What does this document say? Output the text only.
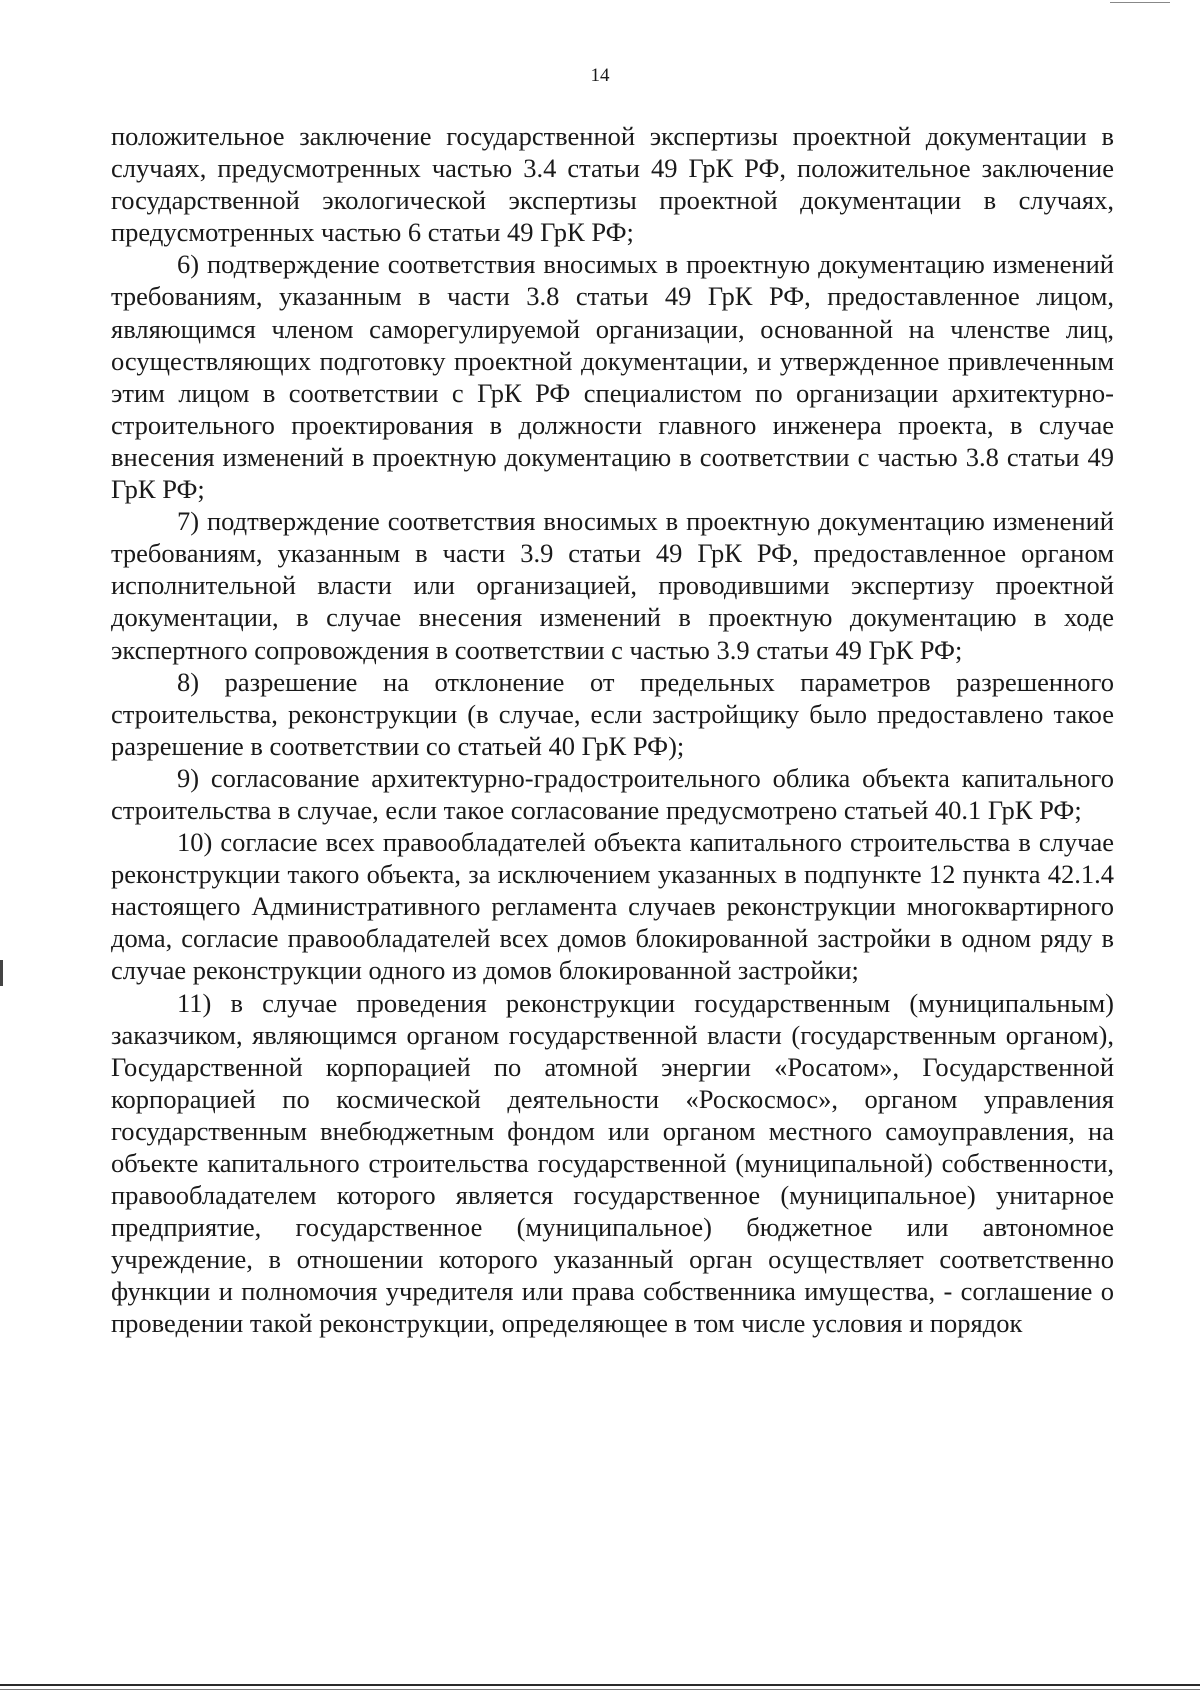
14

положительное заключение государственной экспертизы проектной документации в случаях, предусмотренных частью 3.4 статьи 49 ГрК РФ, положительное заключение государственной экологической экспертизы проектной документации в случаях, предусмотренных частью 6 статьи 49 ГрК РФ;

6) подтверждение соответствия вносимых в проектную документацию изменений требованиям, указанным в части 3.8 статьи 49 ГрК РФ, предоставленное лицом, являющимся членом саморегулируемой организации, основанной на членстве лиц, осуществляющих подготовку проектной документации, и утвержденное привлеченным этим лицом в соответствии с ГрК РФ специалистом по организации архитектурно-строительного проектирования в должности главного инженера проекта, в случае внесения изменений в проектную документацию в соответствии с частью 3.8 статьи 49 ГрК РФ;

7) подтверждение соответствия вносимых в проектную документацию изменений требованиям, указанным в части 3.9 статьи 49 ГрК РФ, предоставленное органом исполнительной власти или организацией, проводившими экспертизу проектной документации, в случае внесения изменений в проектную документацию в ходе экспертного сопровождения в соответствии с частью 3.9 статьи 49 ГрК РФ;

8) разрешение на отклонение от предельных параметров разрешенного строительства, реконструкции (в случае, если застройщику было предоставлено такое разрешение в соответствии со статьей 40 ГрК РФ);

9) согласование архитектурно-градостроительного облика объекта капитального строительства в случае, если такое согласование предусмотрено статьей 40.1 ГрК РФ;

10) согласие всех правообладателей объекта капитального строительства в случае реконструкции такого объекта, за исключением указанных в подпункте 12 пункта 42.1.4 настоящего Административного регламента случаев реконструкции многоквартирного дома, согласие правообладателей всех домов блокированной застройки в одном ряду в случае реконструкции одного из домов блокированной застройки;

11) в случае проведения реконструкции государственным (муниципальным) заказчиком, являющимся органом государственной власти (государственным органом), Государственной корпорацией по атомной энергии «Росатом», Государственной корпорацией по космической деятельности «Роскосмос», органом управления государственным внебюджетным фондом или органом местного самоуправления, на объекте капитального строительства государственной (муниципальной) собственности, правообладателем которого является государственное (муниципальное) унитарное предприятие, государственное (муниципальное) бюджетное или автономное учреждение, в отношении которого указанный орган осуществляет соответственно функции и полномочия учредителя или права собственника имущества, - соглашение о проведении такой реконструкции, определяющее в том числе условия и порядок
